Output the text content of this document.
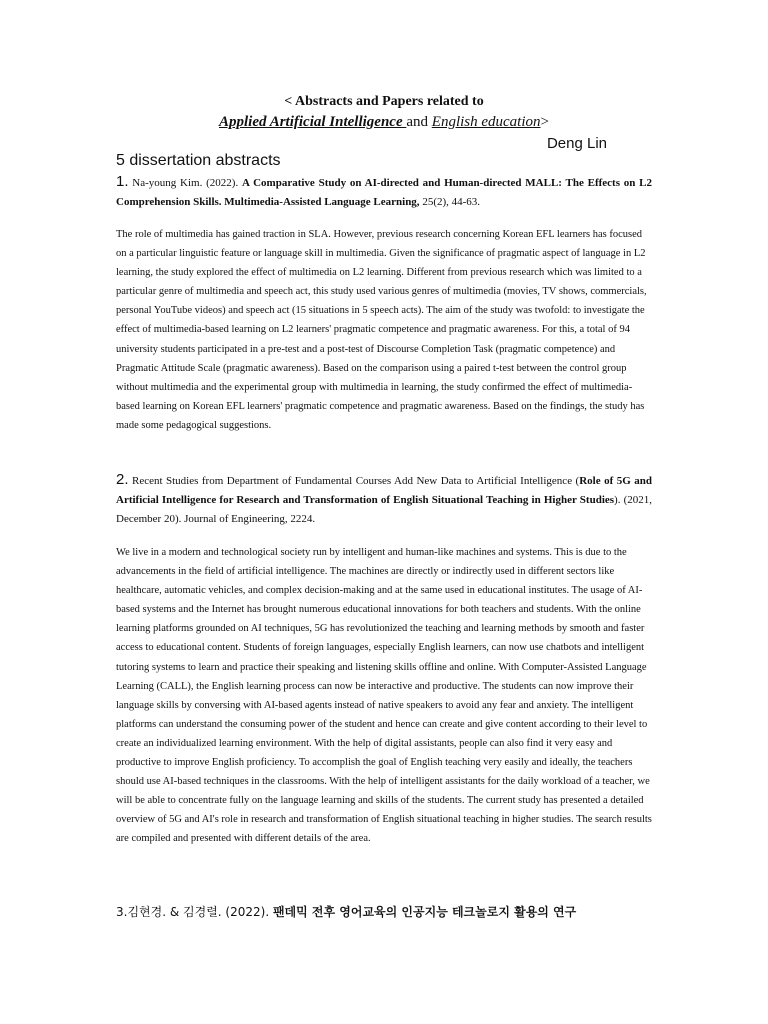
< Abstracts and Papers related to
Applied Artificial Intelligence and English education>
Deng Lin
5 dissertation abstracts
1. Na-young Kim. (2022). A Comparative Study on AI-directed and Human-directed MALL: The Effects on L2 Comprehension Skills. Multimedia-Assisted Language Learning, 25(2), 44-63.

The role of multimedia has gained traction in SLA. However, previous research concerning Korean EFL learners has focused on a particular linguistic feature or language skill in multimedia. Given the significance of pragmatic aspect of language in L2 learning, the study explored the effect of multimedia on L2 learning. Different from previous research which was limited to a particular genre of multimedia and speech act, this study used various genres of multimedia (movies, TV shows, commercials, personal YouTube videos) and speech act (15 situations in 5 speech acts). The aim of the study was twofold: to investigate the effect of multimedia-based learning on L2 learners' pragmatic competence and pragmatic awareness. For this, a total of 94 university students participated in a pre-test and a post-test of Discourse Completion Task (pragmatic competence) and Pragmatic Attitude Scale (pragmatic awareness). Based on the comparison using a paired t-test between the control group without multimedia and the experimental group with multimedia in learning, the study confirmed the effect of multimedia-based learning on Korean EFL learners' pragmatic competence and pragmatic awareness. Based on the findings, the study has made some pedagogical suggestions.

2. Recent Studies from Department of Fundamental Courses Add New Data to Artificial Intelligence (Role of 5G and Artificial Intelligence for Research and Transformation of English Situational Teaching in Higher Studies). (2021, December 20). Journal of Engineering, 2224.

We live in a modern and technological society run by intelligent and human-like machines and systems. This is due to the advancements in the field of artificial intelligence. The machines are directly or indirectly used in different sectors like healthcare, automatic vehicles, and complex decision-making and at the same used in educational institutes. The usage of AI-based systems and the Internet has brought numerous educational innovations for both teachers and students. With the online learning platforms grounded on AI techniques, 5G has revolutionized the teaching and learning methods by smooth and faster access to educational content. Students of foreign languages, especially English learners, can now use chatbots and intelligent tutoring systems to learn and practice their speaking and listening skills offline and online. With Computer-Assisted Language Learning (CALL), the English learning process can now be interactive and productive. The students can now improve their language skills by conversing with AI-based agents instead of native speakers to avoid any fear and anxiety. The intelligent platforms can understand the consuming power of the student and hence can create and give content according to their level to create an individualized learning environment. With the help of digital assistants, people can also find it very easy and productive to improve English proficiency. To accomplish the goal of English teaching very easily and ideally, the teachers should use AI-based techniques in the classrooms. With the help of intelligent assistants for the daily workload of a teacher, we will be able to concentrate fully on the language learning and skills of the students. The current study has presented a detailed overview of 5G and AI's role in research and transformation of English situational teaching in higher studies. The search results are compiled and presented with different details of the area.

3.김현경. & 김경렬. (2022). 팬데믹 전후 영어교육의 인공지능 테크놀로지 활용의 연구
